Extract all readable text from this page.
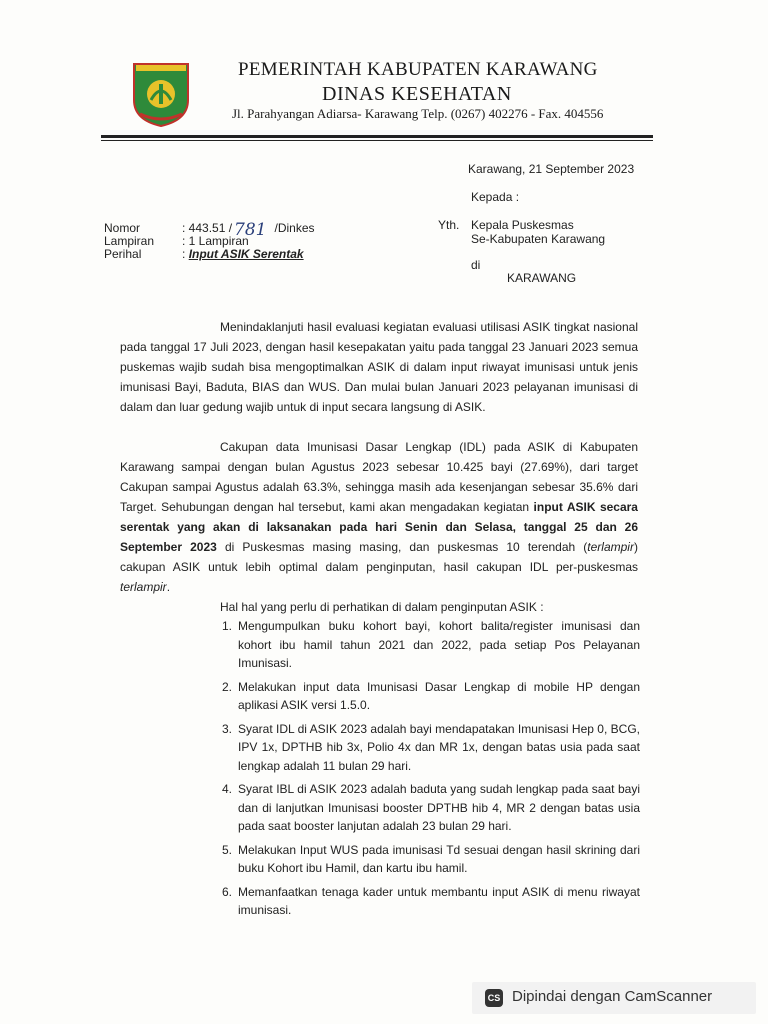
PEMERINTAH KABUPATEN KARAWANG
DINAS KESEHATAN
Jl. Parahyangan Adiarsa- Karawang Telp. (0267) 402276 - Fax. 404556
Karawang, 21 September 2023
Kepada :
Yth. Kepala Puskesmas
Se-Kabupaten Karawang
di
KARAWANG
Nomor	: 443.51 / 781 /Dinkes
Lampiran : 1 Lampiran
Perihal	: Input ASIK Serentak
Menindaklanjuti hasil evaluasi kegiatan evaluasi utilisasi ASIK tingkat nasional pada tanggal 17 Juli 2023, dengan hasil kesepakatan yaitu pada tanggal 23 Januari 2023 semua puskemas wajib sudah bisa mengoptimalkan ASIK di dalam input riwayat imunisasi untuk jenis imunisasi Bayi, Baduta, BIAS dan WUS. Dan mulai bulan Januari 2023 pelayanan imunisasi di dalam dan luar gedung wajib untuk di input secara langsung di ASIK.
Cakupan data Imunisasi Dasar Lengkap (IDL) pada ASIK di Kabupaten Karawang sampai dengan bulan Agustus 2023 sebesar 10.425 bayi (27.69%), dari target Cakupan sampai Agustus adalah 63.3%, sehingga masih ada kesenjangan sebesar 35.6% dari Target. Sehubungan dengan hal tersebut, kami akan mengadakan kegiatan input ASIK secara serentak yang akan di laksanakan pada hari Senin dan Selasa, tanggal 25 dan 26 September 2023 di Puskesmas masing masing, dan puskesmas 10 terendah (terlampir) cakupan ASIK untuk lebih optimal dalam penginputan, hasil cakupan IDL per-puskesmas terlampir.
Hal hal yang perlu di perhatikan di dalam penginputan ASIK :
1. Mengumpulkan buku kohort bayi, kohort balita/register imunisasi dan kohort ibu hamil tahun 2021 dan 2022, pada setiap Pos Pelayanan Imunisasi.
2. Melakukan input data Imunisasi Dasar Lengkap di mobile HP dengan aplikasi ASIK versi 1.5.0.
3. Syarat IDL di ASIK 2023 adalah bayi mendapatakan Imunisasi Hep 0, BCG, IPV 1x, DPTHB hib 3x, Polio 4x dan MR 1x, dengan batas usia pada saat lengkap adalah 11 bulan 29 hari.
4. Syarat IBL di ASIK 2023 adalah baduta yang sudah lengkap pada saat bayi dan di lanjutkan Imunisasi booster DPTHB hib 4, MR 2 dengan batas usia pada saat booster lanjutan adalah 23 bulan 29 hari.
5. Melakukan Input WUS pada imunisasi Td sesuai dengan hasil skrining dari buku Kohort ibu Hamil, dan kartu ibu hamil.
6. Memanfaatkan tenaga kader untuk membantu input ASIK di menu riwayat imunisasi.
CS Dipindai dengan CamScanner
